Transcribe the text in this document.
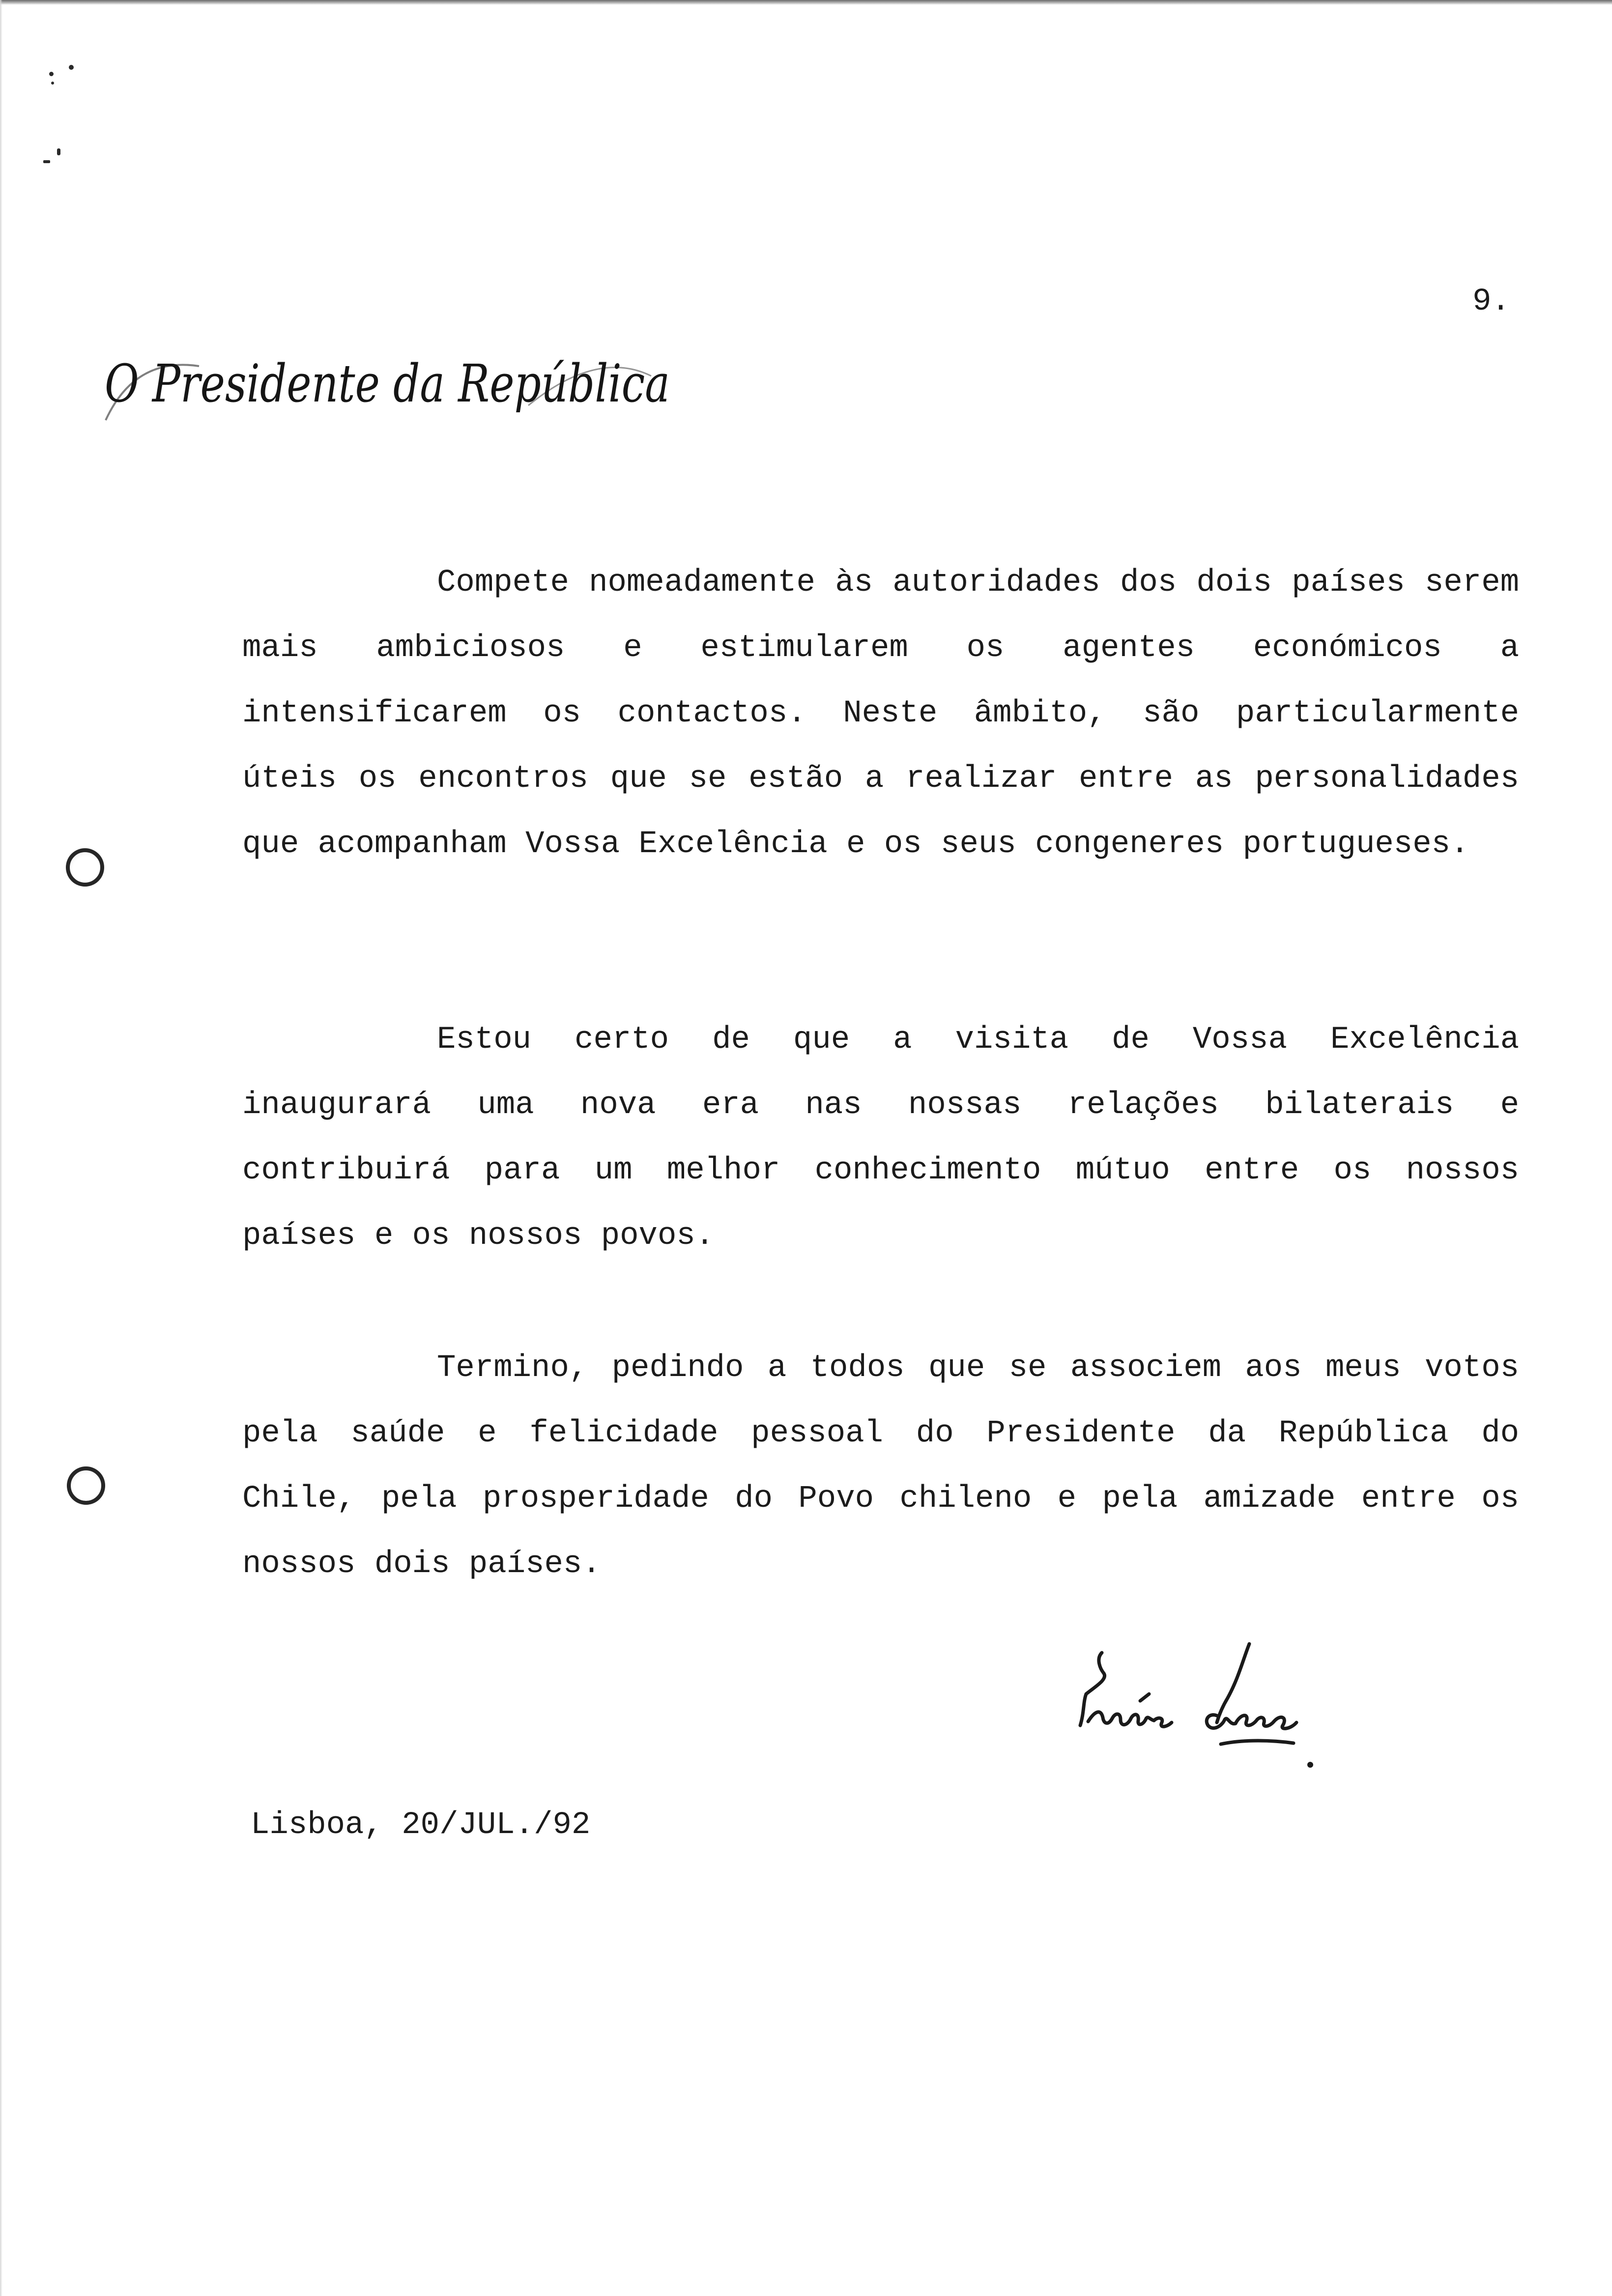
9.

O Presidente da República

Compete nomeadamente às autoridades dos dois países serem mais ambiciosos e estimularem os agentes económicos a intensificarem os contactos. Neste âmbito, são particularmente úteis os encontros que se estão a realizar entre as personalidades que acompanham Vossa Excelência e os seus congeneres portugueses.

Estou certo de que a visita de Vossa Excelência inaugurará uma nova era nas nossas relações bilaterais e contribuirá para um melhor conhecimento mútuo entre os nossos países e os nossos povos.

Termino, pedindo a todos que se associem aos meus votos pela saúde e felicidade pessoal do Presidente da República do Chile, pela prosperidade do Povo chileno e pela amizade entre os nossos dois países.

Mário Soares

Lisboa, 20/JUL./92
